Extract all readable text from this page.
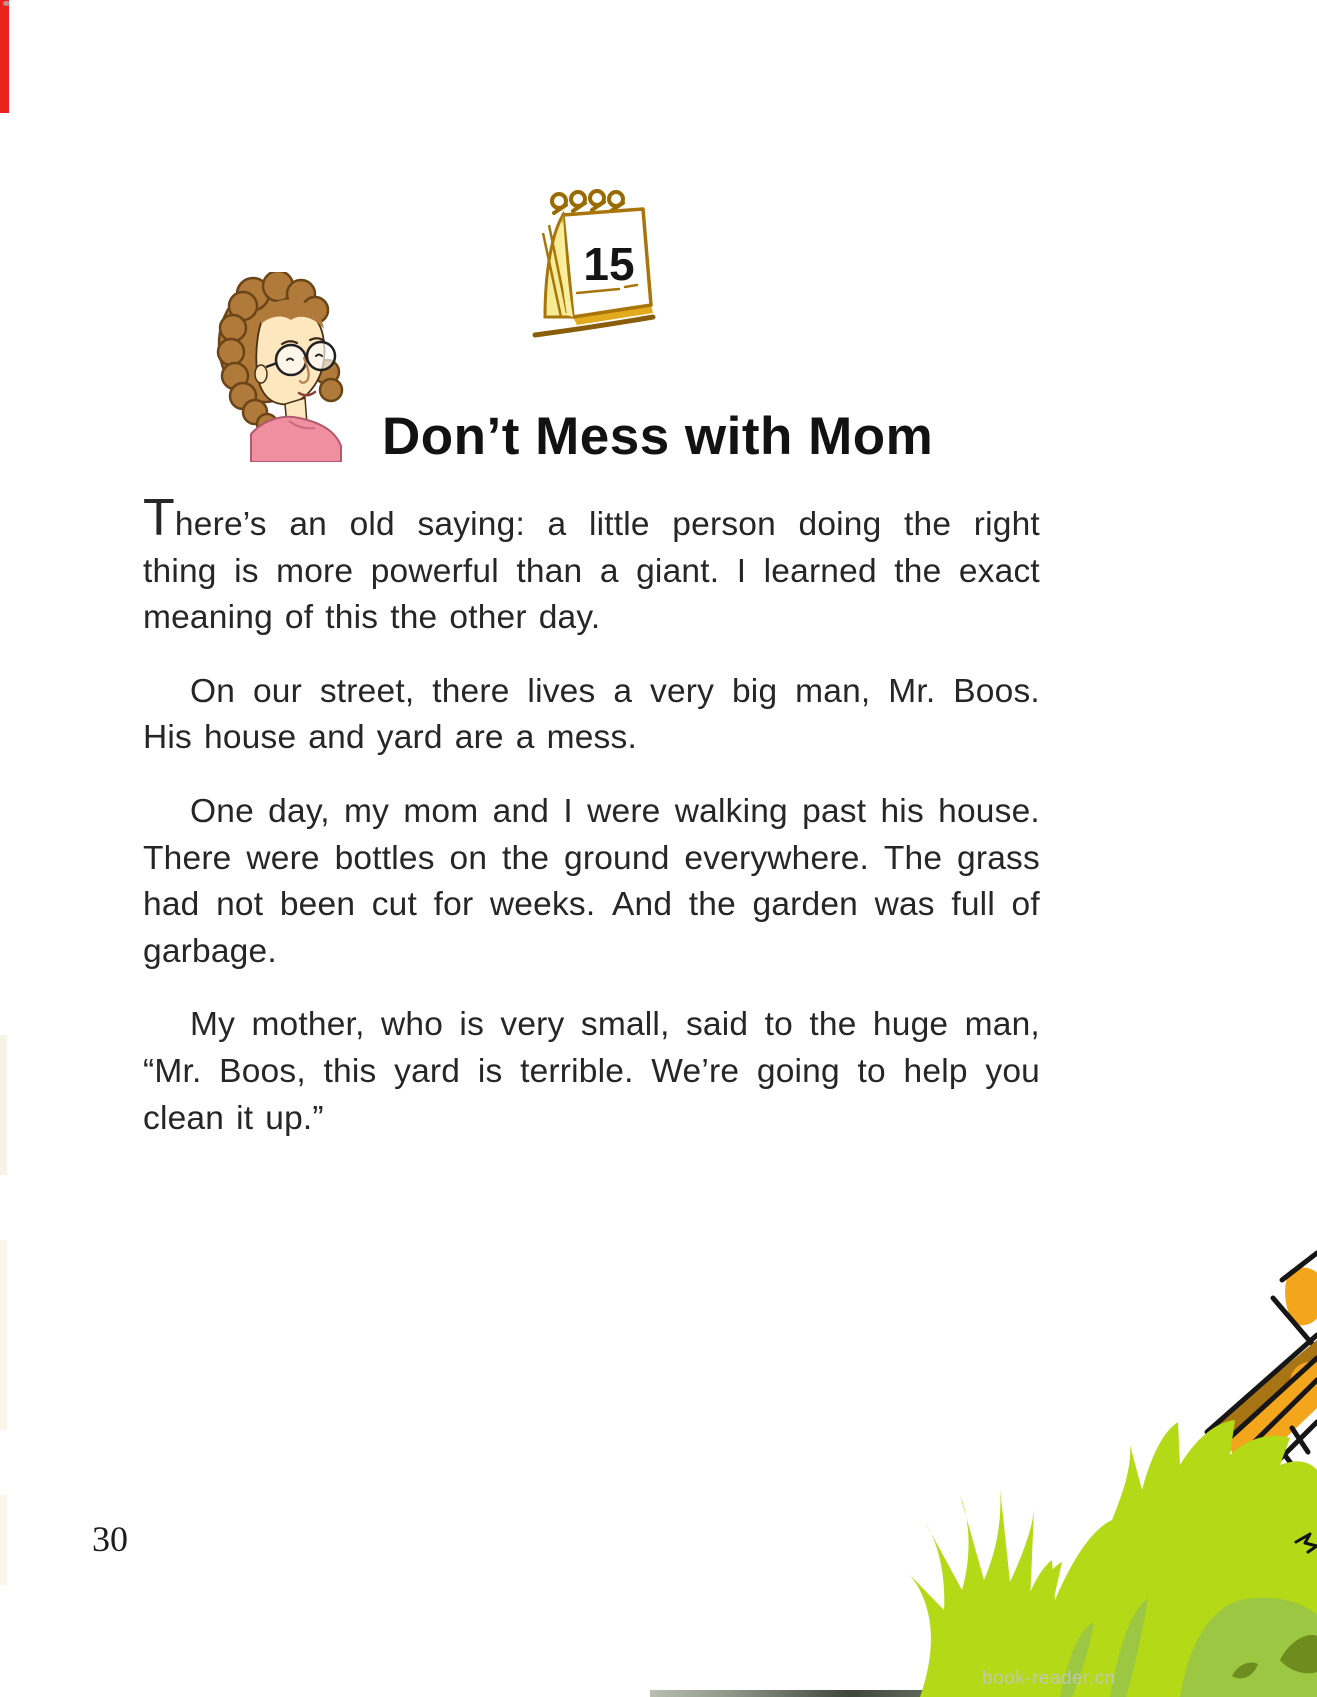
15
Don’t Mess with Mom
There’s an old saying: a little person doing the right
thing is more powerful than a giant. I learned the exact
meaning of this the other day.
On our street, there lives a very big man, Mr. Boos.
His house and yard are a mess.
One day, my mom and I were walking past his house.
There were bottles on the ground everywhere. The grass
had not been cut for weeks. And the garden was full of
garbage.
My mother, who is very small, said to the huge man,
“Mr. Boos, this yard is terrible. We’re going to help you
clean it up.”
book-reader.cn
30
